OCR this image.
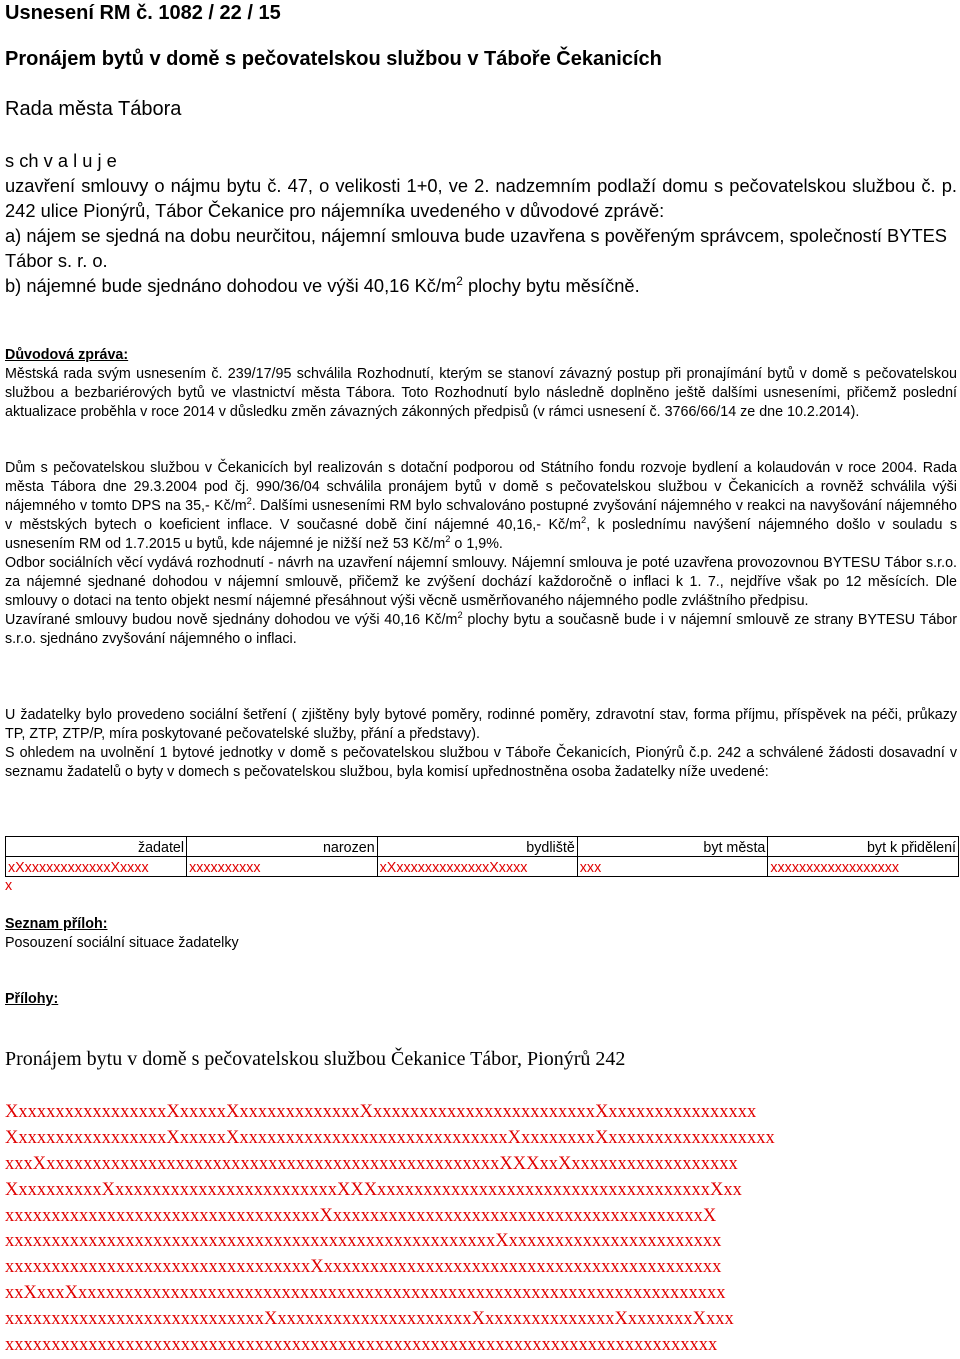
Usnesení RM č. 1082 / 22 / 15
Pronájem bytů v domě s pečovatelskou službou v Táboře Čekanicích
Rada města Tábora

s ch v a l u j e

uzavření smlouvy o nájmu bytu č. 47, o velikosti 1+0, ve 2. nadzemním podlaží domu s pečovatelskou službou č. p. 242 ulice Pionýrů, Tábor Čekanice pro nájemníka uvedeného v důvodové zprávě:

a) nájem se sjedná na dobu neurčitou, nájemní smlouva bude uzavřena s pověřeným správcem, společností BYTES Tábor s. r. o.

b) nájemné bude sjednáno dohodou ve výši 40,16 $Kč/m^2$ plochy bytu měsíčně.

Důvodová zpráva:

Městská rada svým usnesením č. 239/17/95 schválila Rozhodnutí, kterým se stanoví závazný postup při pronajímání bytů v domě s pečovatelskou službou a bezbariérových bytů ve vlastnictví města Tábora. Toto Rozhodnutí bylo následně doplněno ještě dalšími usneseními, přičemž poslední aktualizace proběhla v roce 2014 v důsledku změn závazných zákonných předpisů (v rámci usnesení č. 3766/66/14 ze dne 10.2.2014).

Dům s pečovatelskou službou v Čekanicích byl realizován s dotační podporou od Státního fondu rozvoje bydlení a kolaudován v roce 2004. Rada města Tábora dne 29.3.2004 pod čj. 990/36/04 schválila pronájem bytů v domě s pečovatelskou službou v Čekanicích a rovněž schválila výši nájemného v tomto DPS na 35,- $Kč/m^2$. Dalšími usneseními RM bylo schvalováno postupné zvyšování nájemného v reakci na navyšování nájemného v městských bytech o koeficient inflace. V současné době činí nájemné 40,16,- $Kč/m^2$, k poslednímu navýšení nájemného došlo v souladu s usnesením RM od 1.7.2015 u bytů, kde nájemné je nižší než 53 $Kč/m^2$ o 1,9%.

Odbor sociálních věcí vydává rozhodnutí - návrh na uzavření nájemní smlouvy. Nájemní smlouva je poté uzavřena provozovnou BYTESU Tábor s.r.o. za nájemné sjednané dohodou v nájemní smlouvě, přičemž ke zvýšení dochází každoročně o inflaci k 1. 7., nejdříve však po 12 měsících. Dle smlouvy o dotaci na tento objekt nesmí nájemné přesáhnout výši věcně usměrňovaného nájemného podle zvláštního předpisu.

Uzavírané smlouvy budou nově sjednány dohodou ve výši 40,16 $Kč/m^2$ plochy bytu a současně bude i v nájemní smlouvě ze strany BYTESU Tábor s.r.o. sjednáno zvyšování nájemného o inflaci.

U žadatelky bylo provedeno sociální šetření ( zjištěny byly bytové poměry, rodinné poměry, zdravotní stav, forma příjmu, příspěvek na péči, průkazy TP, ZTP, ZTP/P, míra poskytované pečovatelské služby, přání a představy).

S ohledem na uvolnění 1 bytové jednotky v domě s pečovatelskou službou v Táboře Čekanicích, Pionýrů č.p. 242 a schválené žádosti dosavadní v seznamu žadatelů o byty v domech s pečovatelskou službou, byla komisí upřednostněna osoba žadatelky níže uvedené:

žadatel	narozen	bydliště	byt města	byt k přidělení
xXxxxxxxxxxxxxXxxxx	xxxxxxxxxx	xXxxxxxxxxxxxxxXxxxx	xxx	xxxxxxxxxxxxxxxxxx
x
Seznam příloh:
Posouzení sociální situace žadatelky
Přílohy:
Pronájem bytu v domě s pečovatelskou službou Čekanice Tábor, Pionýrů 242
XxxxxxxxxxxxxxxxxXxxxxxXxxxxxxxxxxxxxXxxxxxxxxxxxxxxxxxxxxxxxxXxxxxxxxxxxxxxxxx
XxxxxxxxxxxxxxxxxXxxxxxXxxxxxxxxxxxxxxxxxxxxxxxxxxxxxXxxxxxxxxXxxxxxxxxxxxxxxxxxx
xxxXxxxxxxxxxxxxxxxxxxxxxxxxxxxxxxxxxxxxxxxxxxxxxxxxxXXXxxXxxxxxxxxxxxxxxxxxx
XxxxxxxxxxXxxxxxxxxxxxxxxxxxxxxxxxxXXXxxxxxxxxxxxxxxxxxxxxxxxxxxxxxxxxxxxxXxx
xxxxxxxxxxxxxxxxxxxxxxxxxxxxxxxxxxXxxxxxxxxxxxxxxxxxxxxxxxxxxxxxxxxxxxxxxxxX
xxxxxxxxxxxxxxxxxxxxxxxxxxxxxxxxxxxxxxxxxxxxxxxxxxxxxXxxxxxxxxxxxxxxxxxxxxxxx
xxxxxxxxxxxxxxxxxxxxxxxxxxxxxxxxxXxxxxxxxxxxxxxxxxxxxxxxxxxxxxxxxxxxxxxxxxxxx
xxXxxxXxxxxxxxxxxxxxxxxxxxxxxxxxxxxxxxxxxxxxxxxxxxxxxxxxxxxxxxxxxxxxxxxxxxxxx
xxxxxxxxxxxxxxxxxxxxxxxxxxxxXxxxxxxxxxxxxxxxxxxxxxXxxxxxxxxxxxxxxXxxxxxxxXxxx
xxxxxxxxxxxxxxxxxxxxxxxxxxxxxxxxxxxxxxxxxxxxxxxxxxxxxxxxxxxxxxxxxxxxxxxxxxxxx
